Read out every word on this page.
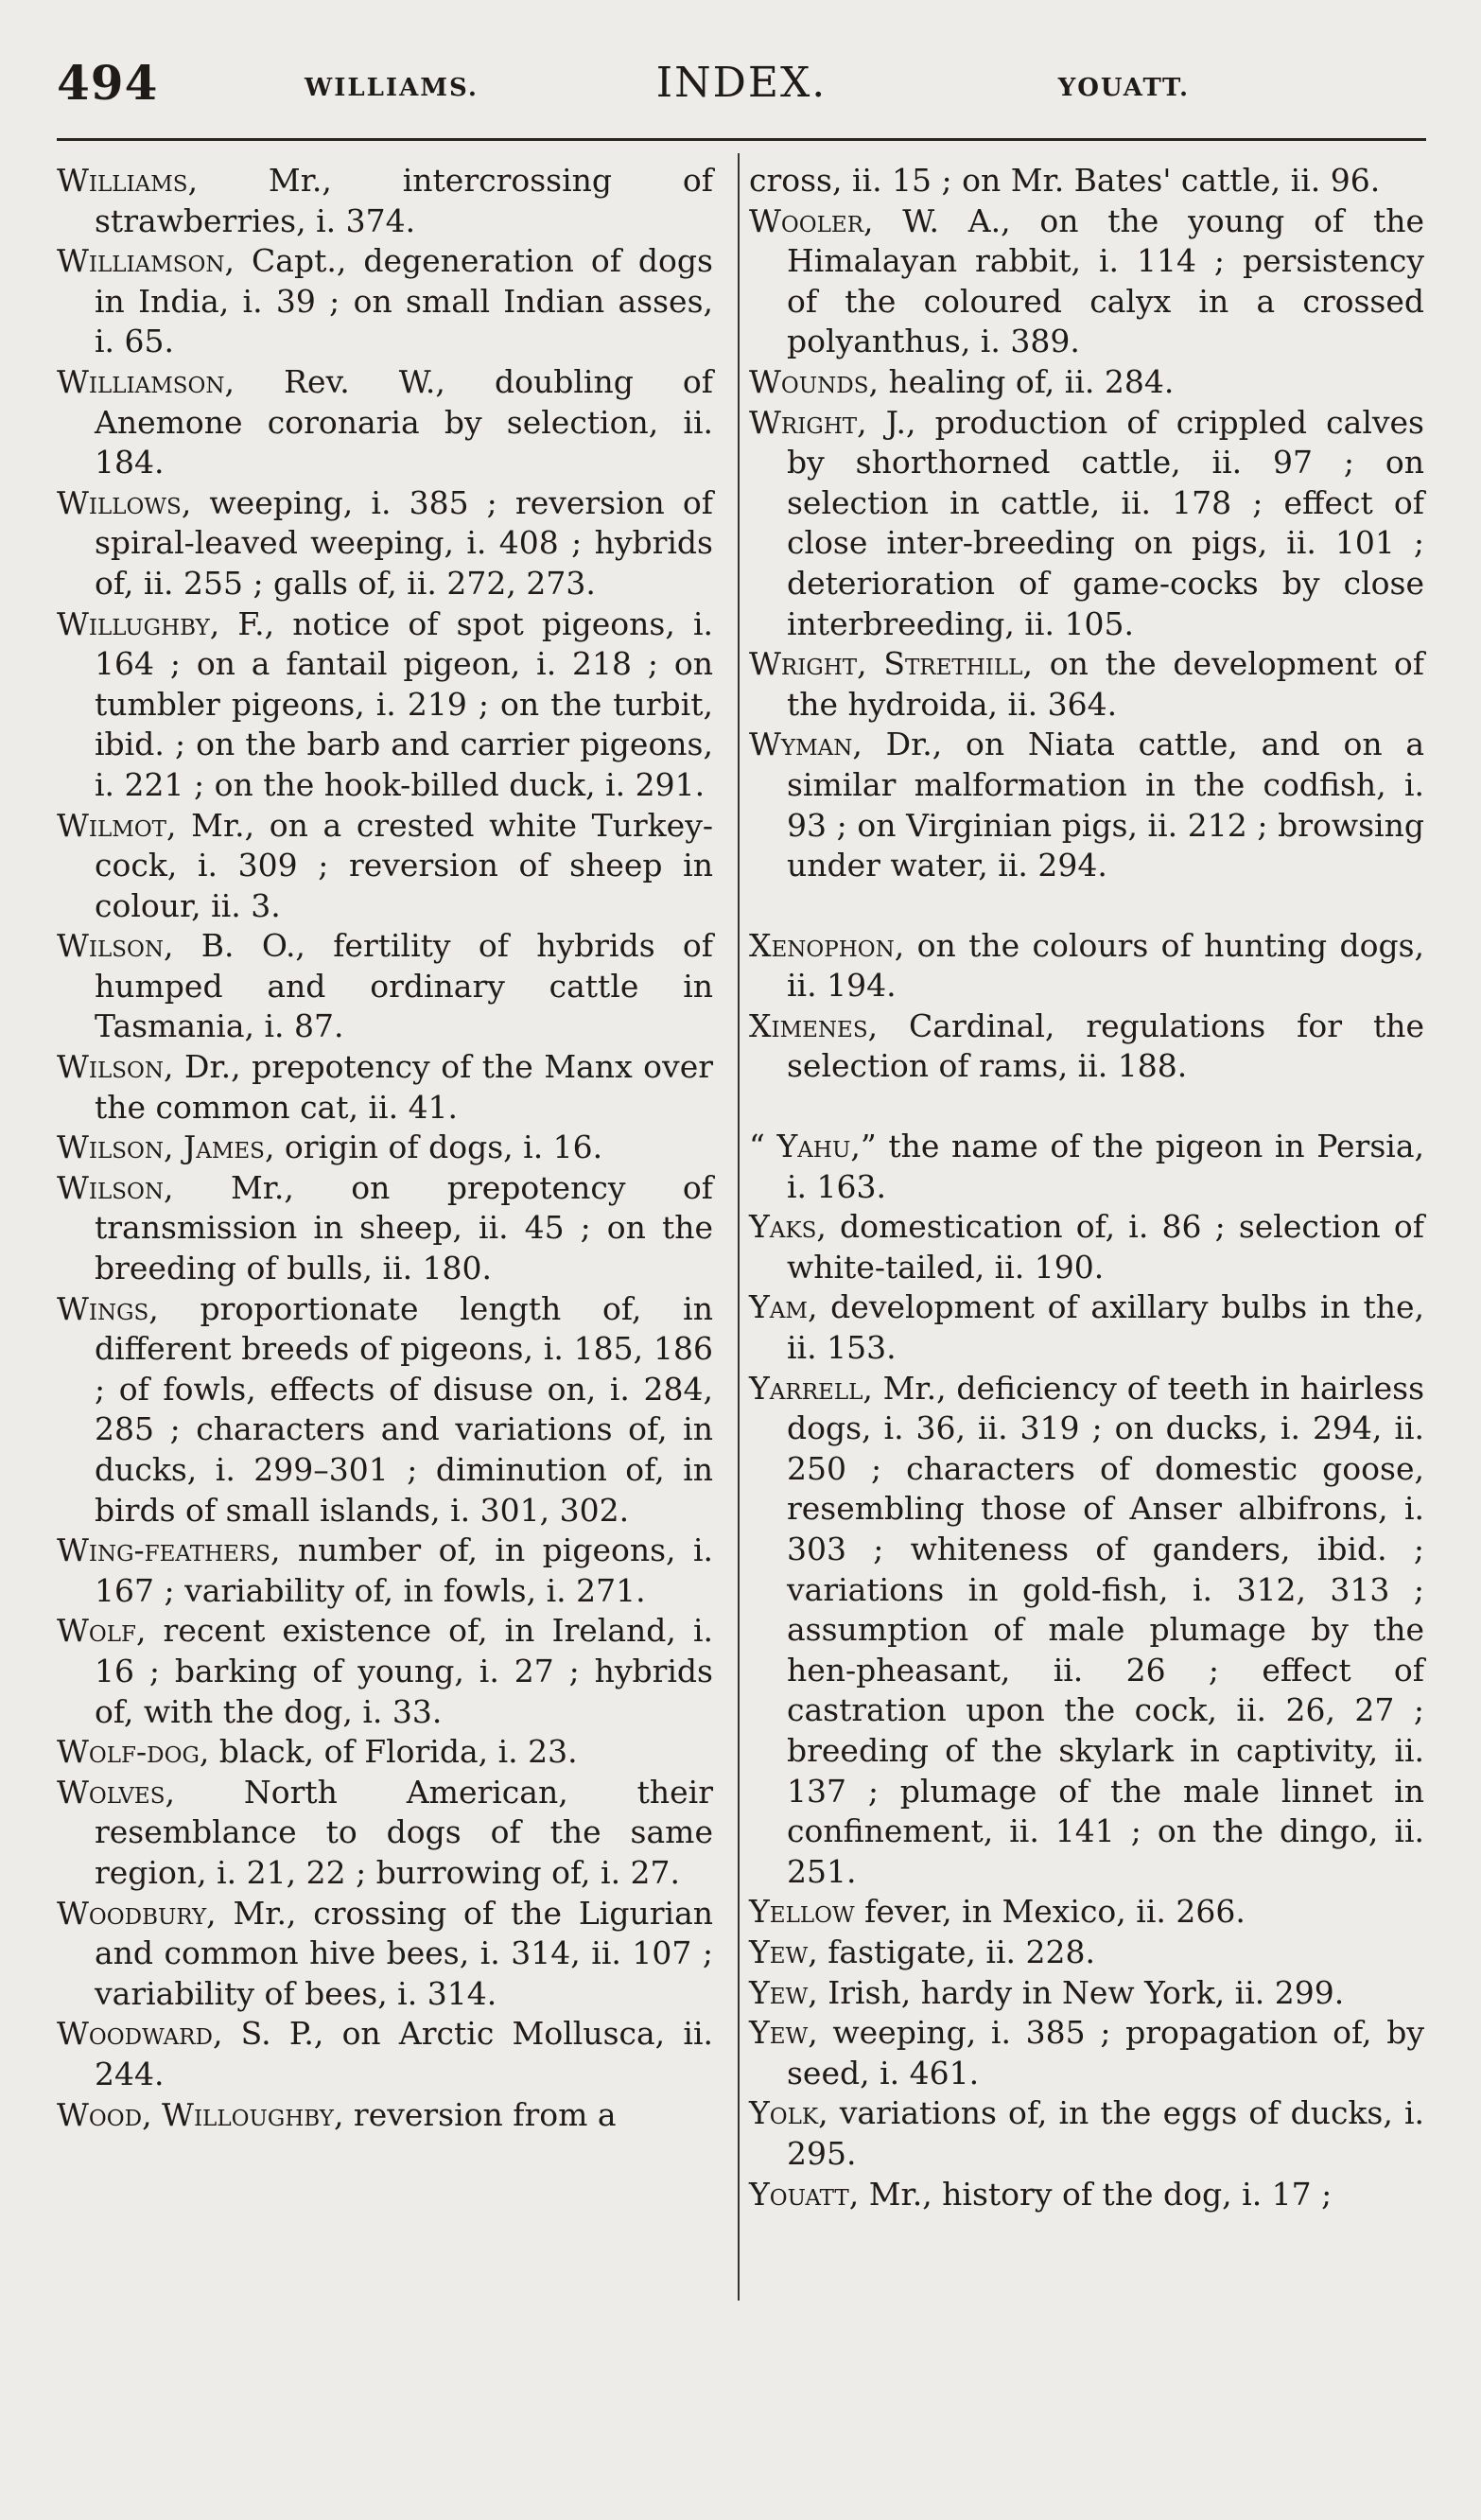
494	WILLIAMS.	INDEX.	YOUATT.

Williams, Mr., intercrossing of strawberries, i. 374.

Williamson, Capt., degeneration of dogs in India, i. 39 ; on small Indian asses, i. 65.

Williamson, Rev. W., doubling of Anemone coronaria by selection, ii. 184.

Willows, weeping, i. 385 ; reversion of spiral-leaved weeping, i. 408 ; hybrids of, ii. 255 ; galls of, ii. 272, 273.

Willughby, F., notice of spot pigeons, i. 164 ; on a fantail pigeon, i. 218 ; on tumbler pigeons, i. 219 ; on the turbit, ibid. ; on the barb and carrier pigeons, i. 221 ; on the hook-billed duck, i. 291.

Wilmot, Mr., on a crested white Turkey-cock, i. 309 ; reversion of sheep in colour, ii. 3.

Wilson, B. O., fertility of hybrids of humped and ordinary cattle in Tasmania, i. 87.

Wilson, Dr., prepotency of the Manx over the common cat, ii. 41.

Wilson, James, origin of dogs, i. 16.

Wilson, Mr., on prepotency of transmission in sheep, ii. 45 ; on the breeding of bulls, ii. 180.

Wings, proportionate length of, in different breeds of pigeons, i. 185, 186 ; of fowls, effects of disuse on, i. 284, 285 ; characters and variations of, in ducks, i. 299–301 ; diminution of, in birds of small islands, i. 301, 302.

Wing-feathers, number of, in pigeons, i. 167 ; variability of, in fowls, i. 271.

Wolf, recent existence of, in Ireland, i. 16 ; barking of young, i. 27 ; hybrids of, with the dog, i. 33.

Wolf-dog, black, of Florida, i. 23.

Wolves, North American, their resemblance to dogs of the same region, i. 21, 22 ; burrowing of, i. 27.

Woodbury, Mr., crossing of the Ligurian and common hive bees, i. 314, ii. 107 ; variability of bees, i. 314.

Woodward, S. P., on Arctic Mollusca, ii. 244.

Wood, Willoughby, reversion from a

cross, ii. 15 ; on Mr. Bates' cattle, ii. 96.

Wooler, W. A., on the young of the Himalayan rabbit, i. 114 ; persistency of the coloured calyx in a crossed polyanthus, i. 389.

Wounds, healing of, ii. 284.

Wright, J., production of crippled calves by shorthorned cattle, ii. 97 ; on selection in cattle, ii. 178 ; effect of close inter-breeding on pigs, ii. 101 ; deterioration of game-cocks by close interbreeding, ii. 105.

Wright, Strethill, on the development of the hydroida, ii. 364.

Wyman, Dr., on Niata cattle, and on a similar malformation in the codfish, i. 93 ; on Virginian pigs, ii. 212 ; browsing under water, ii. 294.

Xenophon, on the colours of hunting dogs, ii. 194.

Ximenes, Cardinal, regulations for the selection of rams, ii. 188.

“ Yahu,” the name of the pigeon in Persia, i. 163.

Yaks, domestication of, i. 86 ; selection of white-tailed, ii. 190.

Yam, development of axillary bulbs in the, ii. 153.

Yarrell, Mr., deficiency of teeth in hairless dogs, i. 36, ii. 319 ; on ducks, i. 294, ii. 250 ; characters of domestic goose, resembling those of Anser albifrons, i. 303 ; whiteness of ganders, ibid. ; variations in gold-fish, i. 312, 313 ; assumption of male plumage by the hen-pheasant, ii. 26 ; effect of castration upon the cock, ii. 26, 27 ; breeding of the skylark in captivity, ii. 137 ; plumage of the male linnet in confinement, ii. 141 ; on the dingo, ii. 251.

Yellow fever, in Mexico, ii. 266.

Yew, fastigate, ii. 228.

Yew, Irish, hardy in New York, ii. 299.

Yew, weeping, i. 385 ; propagation of, by seed, i. 461.

Yolk, variations of, in the eggs of ducks, i. 295.

Youatt, Mr., history of the dog, i. 17 ;
